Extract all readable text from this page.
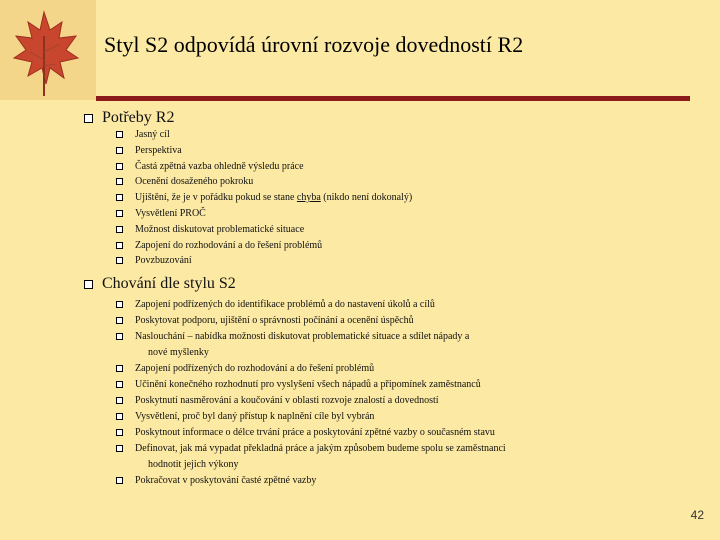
Styl S2 odpovídá úrovní rozvoje dovedností R2
Potřeby R2
Jasný cíl
Perspektiva
Častá zpětná vazba ohledně výsledu práce
Ocenění dosaženého pokroku
Ujištění, že je v pořádku pokud se stane chyba (nikdo není dokonalý)
Vysvětlení PROČ
Možnost diskutovat problematické situace
Zapojení do rozhodování a do řešení problémů
Povzbuzování
Chování dle stylu S2
Zapojení podřízených do identifikace problémů a do nastavení úkolů a cílů
Poskytovat podporu, ujištění o správnosti počínání a ocenění úspěchů
Naslouchání – nabídka možnosti diskutovat problematické situace a sdílet nápady a
nové myšlenky
Zapojení podřízených do rozhodování a do řešení problémů
Učinění konečného rozhodnutí pro vyslyšení všech nápadů a připomínek zaměstnanců
Poskytnutí nasměrování a koučování v oblasti rozvoje znalostí a dovedností
Vysvětlení, proč byl daný přístup k naplnění cíle byl vybrán
Poskytnout informace o délce trvání práce a poskytování zpětné vazby o současném stavu
Definovat, jak má vypadat překladná práce a jakým způsobem budeme spolu se zaměstnanci
hodnotit jejich výkony
Pokračovat v poskytování časté zpětné vazby
42
